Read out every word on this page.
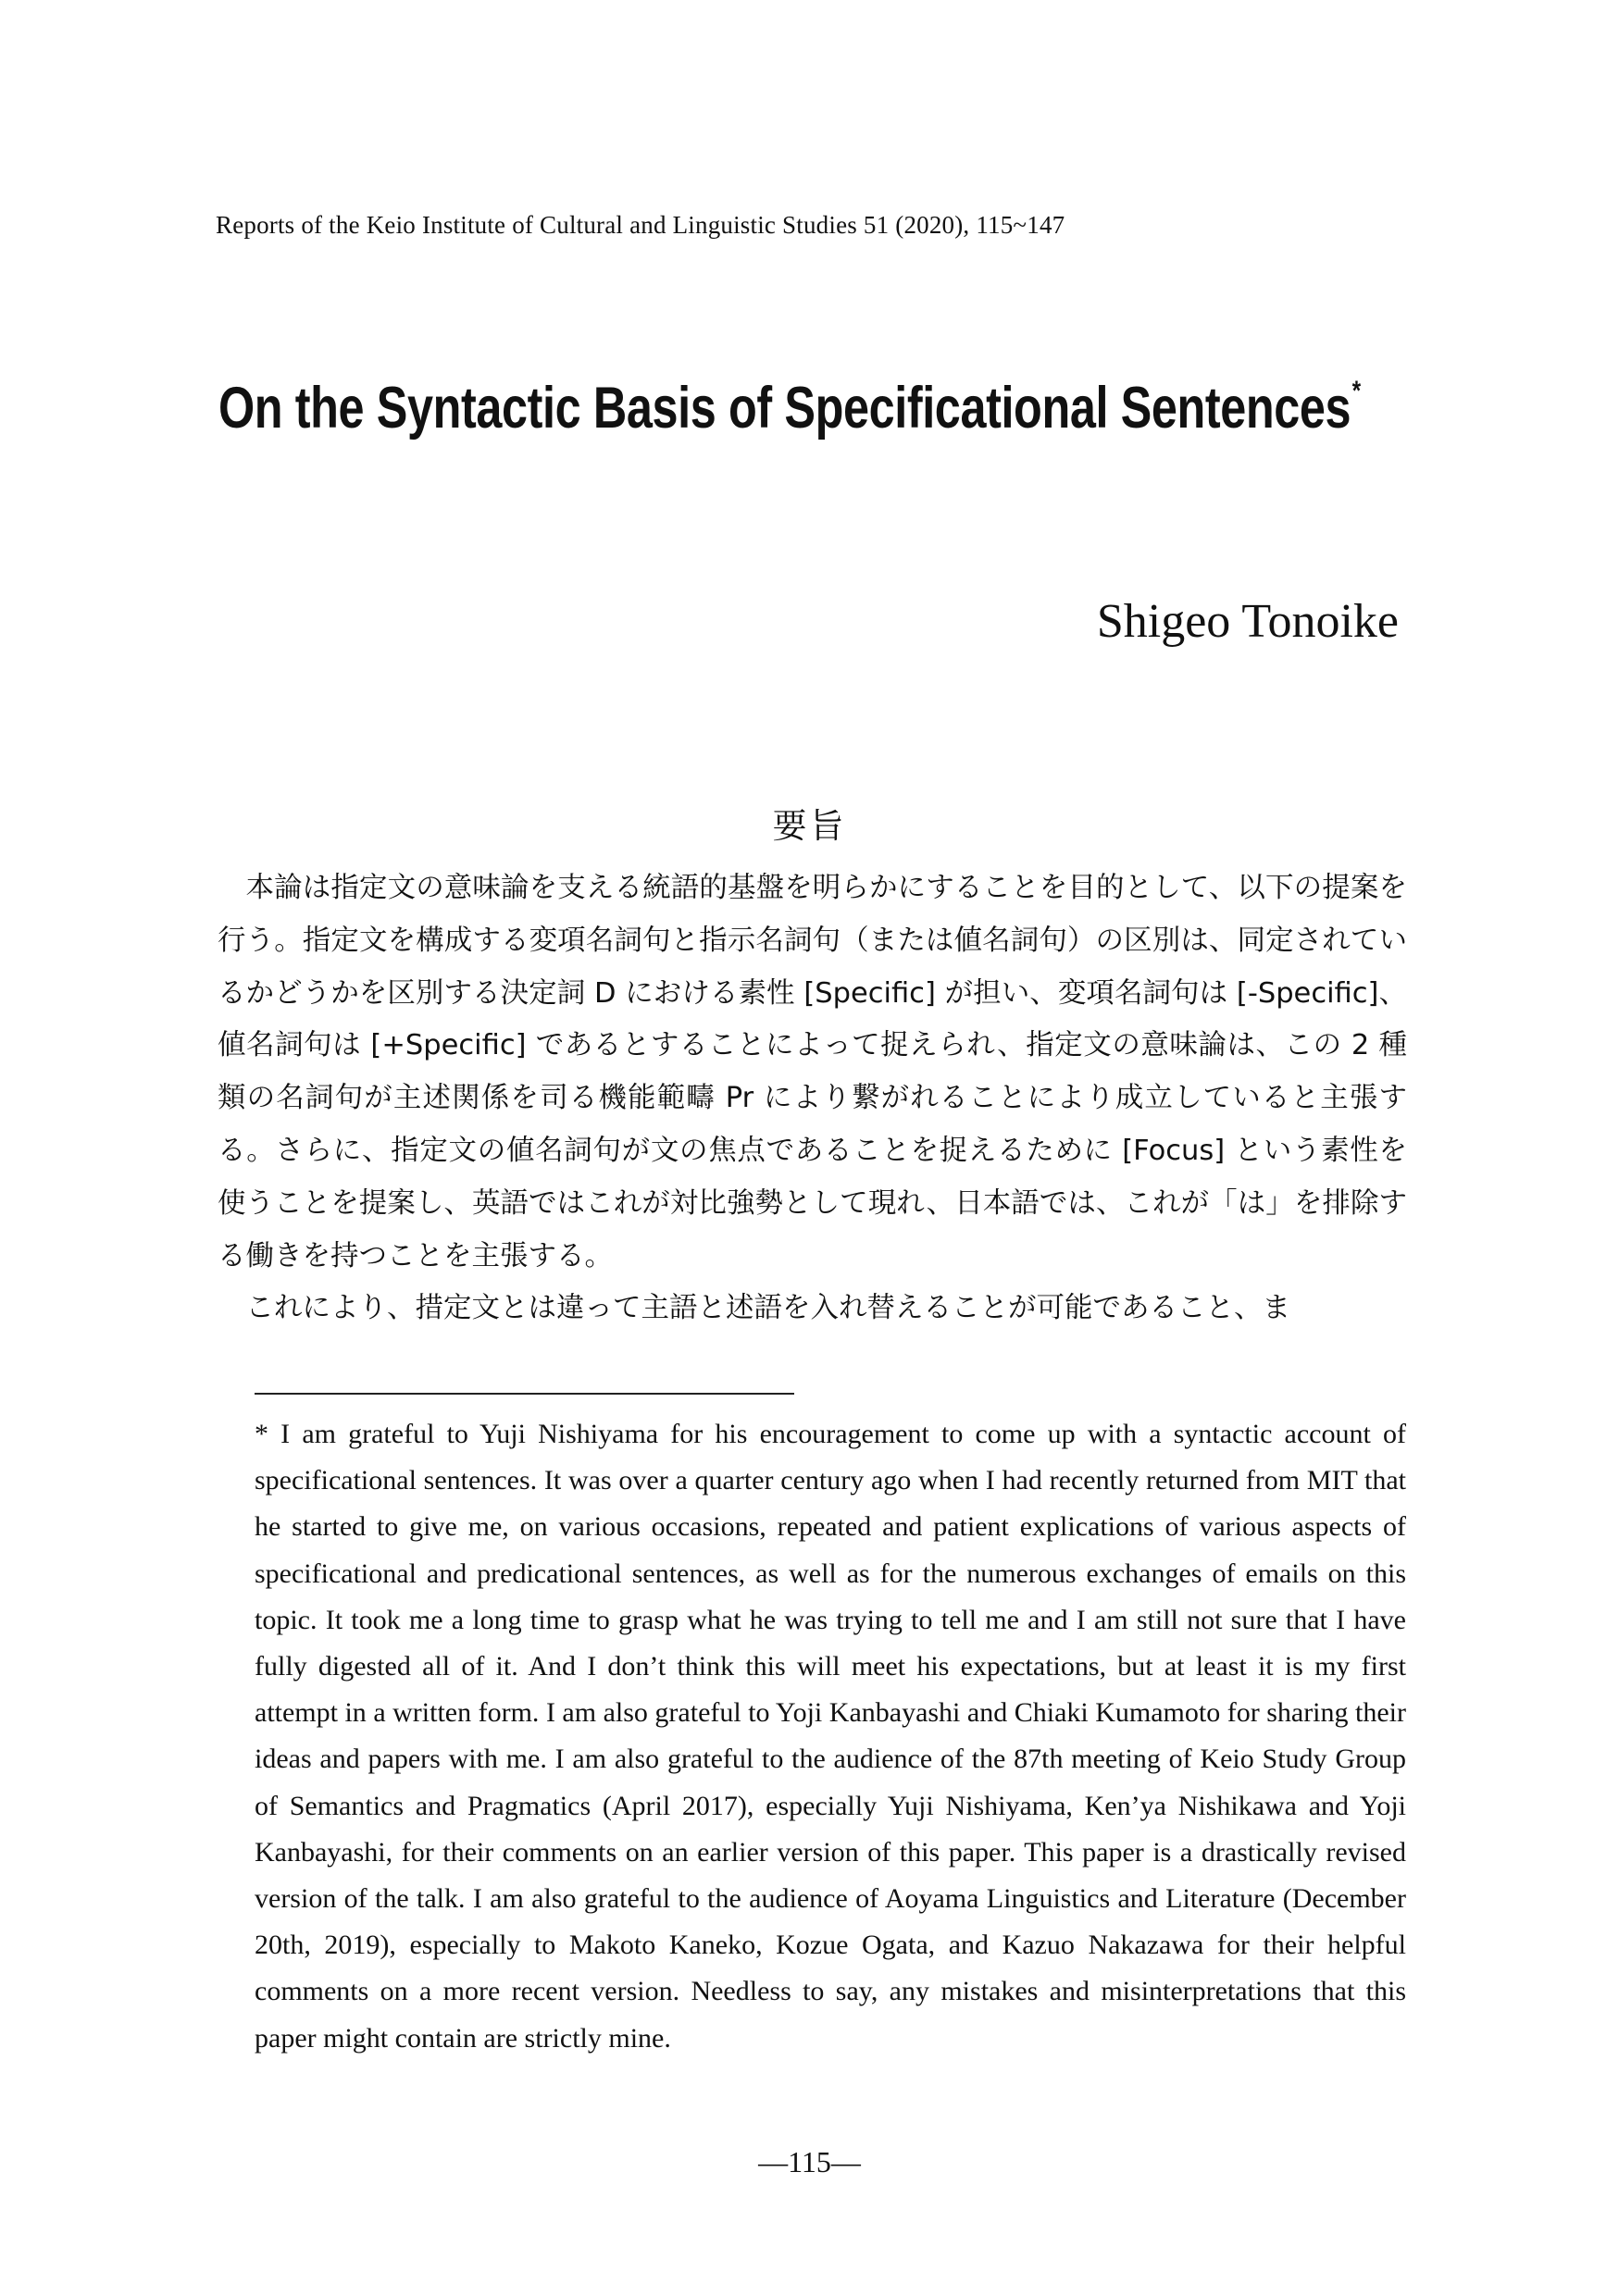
Reports of the Keio Institute of Cultural and Linguistic Studies 51 (2020), 115~147
On the Syntactic Basis of Specificational Sentences*
Shigeo Tonoike
要旨

本論は指定文の意味論を支える統語的基盤を明らかにすることを目的として、以下の提案を行う。指定文を構成する変項名詞句と指示名詞句（または値名詞句）の区別は、同定されているかどうかを区別する決定詞 D における素性 [Specific] が担い、変項名詞句は [-Specific]、値名詞句は [+Specific] であるとすることによって捉えられ、指定文の意味論は、この 2 種類の名詞句が主述関係を司る機能範疇 Pr により繋がれることにより成立していると主張する。さらに、指定文の値名詞句が文の焦点であることを捉えるために [Focus] という素性を使うことを提案し、英語ではこれが対比強勢として現れ、日本語では、これが「は」を排除する働きを持つことを主張する。

これにより、措定文とは違って主語と述語を入れ替えることが可能であること、ま

* I am grateful to Yuji Nishiyama for his encouragement to come up with a syntactic account of specificational sentences. It was over a quarter century ago when I had recently returned from MIT that he started to give me, on various occasions, repeated and patient explications of various aspects of specificational and predicational sentences, as well as for the numerous exchanges of emails on this topic. It took me a long time to grasp what he was trying to tell me and I am still not sure that I have fully digested all of it. And I don’t think this will meet his expectations, but at least it is my first attempt in a written form. I am also grateful to Yoji Kanbayashi and Chiaki Kumamoto for sharing their ideas and papers with me. I am also grateful to the audience of the 87th meeting of Keio Study Group of Semantics and Pragmatics (April 2017), especially Yuji Nishiyama, Ken’ya Nishikawa and Yoji Kanbayashi, for their comments on an earlier version of this paper. This paper is a drastically revised version of the talk. I am also grateful to the audience of Aoyama Linguistics and Literature (December 20th, 2019), especially to Makoto Kaneko, Kozue Ogata, and Kazuo Nakazawa for their helpful comments on a more recent version. Needless to say, any mistakes and misinterpretations that this paper might contain are strictly mine.

—115—
